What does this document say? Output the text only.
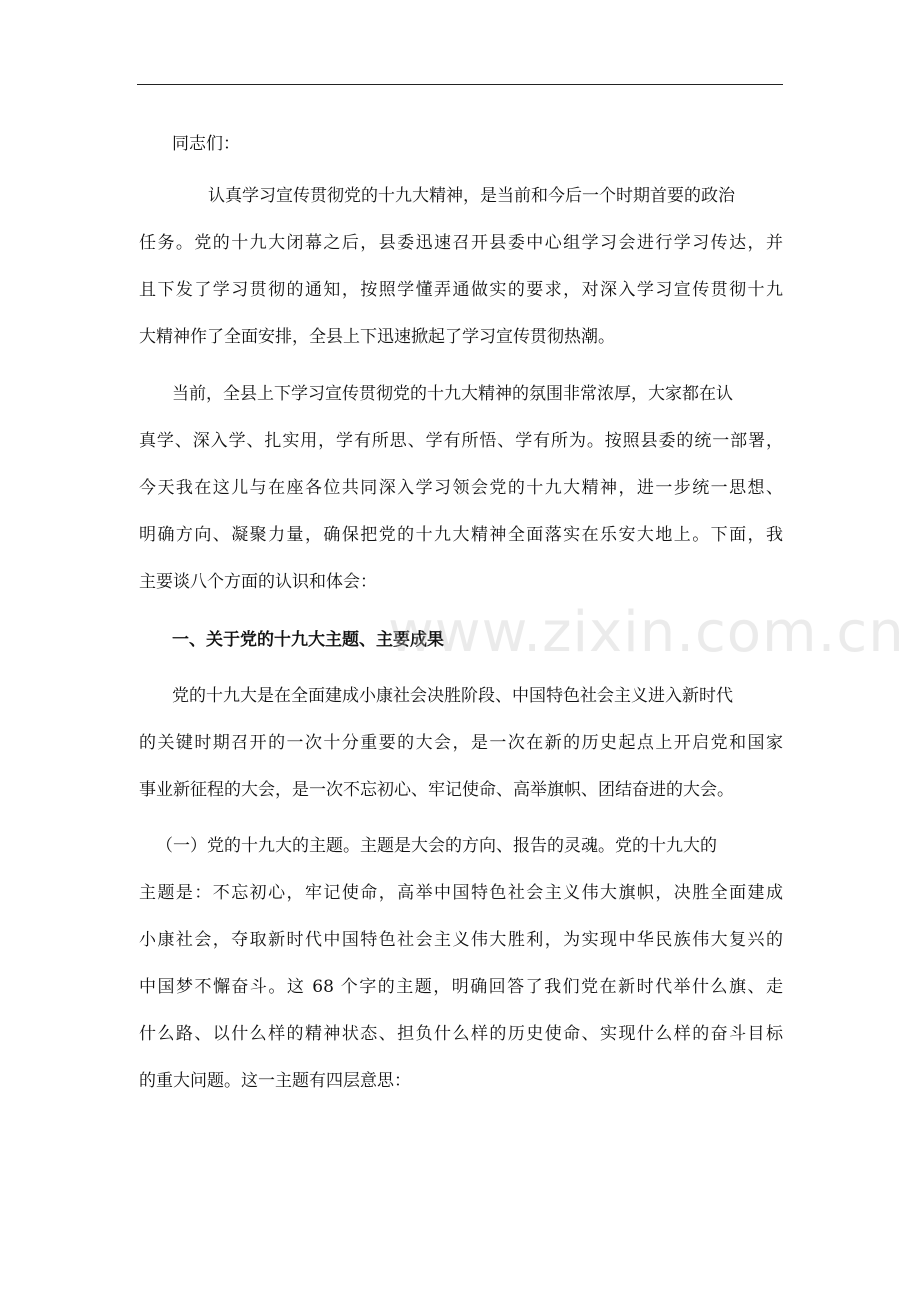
同志们：
认真学习宣传贯彻党的十九大精神，是当前和今后一个时期首要的政治
任务。党的十九大闭幕之后，县委迅速召开县委中心组学习会进行学习传达，并
且下发了学习贯彻的通知，按照学懂弄通做实的要求，对深入学习宣传贯彻十九
大精神作了全面安排，全县上下迅速掀起了学习宣传贯彻热潮。
当前，全县上下学习宣传贯彻党的十九大精神的氛围非常浓厚，大家都在认
真学、深入学、扎实用，学有所思、学有所悟、学有所为。按照县委的统一部署，
今天我在这儿与在座各位共同深入学习领会党的十九大精神，进一步统一思想、
明确方向、凝聚力量，确保把党的十九大精神全面落实在乐安大地上。下面，我
主要谈八个方面的认识和体会：
一、关于党的十九大主题、主要成果
党的十九大是在全面建成小康社会决胜阶段、中国特色社会主义进入新时代
的关键时期召开的一次十分重要的大会，是一次在新的历史起点上开启党和国家
事业新征程的大会，是一次不忘初心、牢记使命、高举旗帜、团结奋进的大会。
（一）党的十九大的主题。主题是大会的方向、报告的灵魂。党的十九大的
主题是：不忘初心，牢记使命，高举中国特色社会主义伟大旗帜，决胜全面建成
小康社会，夺取新时代中国特色社会主义伟大胜利，为实现中华民族伟大复兴的
中国梦不懈奋斗。这 68 个字的主题，明确回答了我们党在新时代举什么旗、走
什么路、以什么样的精神状态、担负什么样的历史使命、实现什么样的奋斗目标
的重大问题。这一主题有四层意思：
www.zixin.com.cn
